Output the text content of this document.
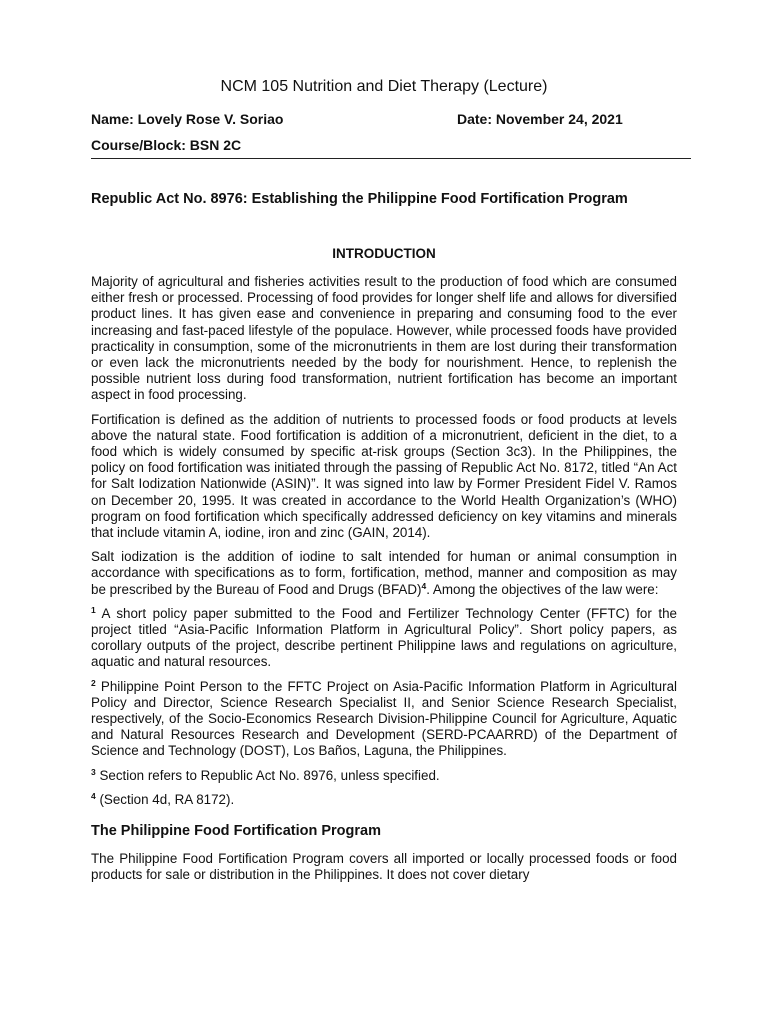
NCM 105 Nutrition and Diet Therapy (Lecture)
Name: Lovely Rose V. Soriao	Date: November 24, 2021
Course/Block: BSN 2C
Republic Act No. 8976: Establishing the Philippine Food Fortification Program
INTRODUCTION

Majority of agricultural and fisheries activities result to the production of food which are consumed either fresh or processed. Processing of food provides for longer shelf life and allows for diversified product lines. It has given ease and convenience in preparing and consuming food to the ever increasing and fast-paced lifestyle of the populace. However, while processed foods have provided practicality in consumption, some of the micronutrients in them are lost during their transformation or even lack the micronutrients needed by the body for nourishment. Hence, to replenish the possible nutrient loss during food transformation, nutrient fortification has become an important aspect in food processing.

Fortification is defined as the addition of nutrients to processed foods or food products at levels above the natural state. Food fortification is addition of a micronutrient, deficient in the diet, to a food which is widely consumed by specific at-risk groups (Section 3c3). In the Philippines, the policy on food fortification was initiated through the passing of Republic Act No. 8172, titled “An Act for Salt Iodization Nationwide (ASIN)”. It was signed into law by Former President Fidel V. Ramos on December 20, 1995. It was created in accordance to the World Health Organization’s (WHO) program on food fortification which specifically addressed deficiency on key vitamins and minerals that include vitamin A, iodine, iron and zinc (GAIN, 2014).

Salt iodization is the addition of iodine to salt intended for human or animal consumption in accordance with specifications as to form, fortification, method, manner and composition as may be prescribed by the Bureau of Food and Drugs (BFAD)$^4$. Among the objectives of the law were:

$^1$ A short policy paper submitted to the Food and Fertilizer Technology Center (FFTC) for the project titled “Asia-Pacific Information Platform in Agricultural Policy”. Short policy papers, as corollary outputs of the project, describe pertinent Philippine laws and regulations on agriculture, aquatic and natural resources.

$^2$ Philippine Point Person to the FFTC Project on Asia-Pacific Information Platform in Agricultural Policy and Director, Science Research Specialist II, and Senior Science Research Specialist, respectively, of the Socio-Economics Research Division-Philippine Council for Agriculture, Aquatic and Natural Resources Research and Development (SERD-PCAARRD) of the Department of Science and Technology (DOST), Los Baños, Laguna, the Philippines.

$^3$ Section refers to Republic Act No. 8976, unless specified.

$^4$ (Section 4d, RA 8172).

The Philippine Food Fortification Program

The Philippine Food Fortification Program covers all imported or locally processed foods or food products for sale or distribution in the Philippines. It does not cover dietary
